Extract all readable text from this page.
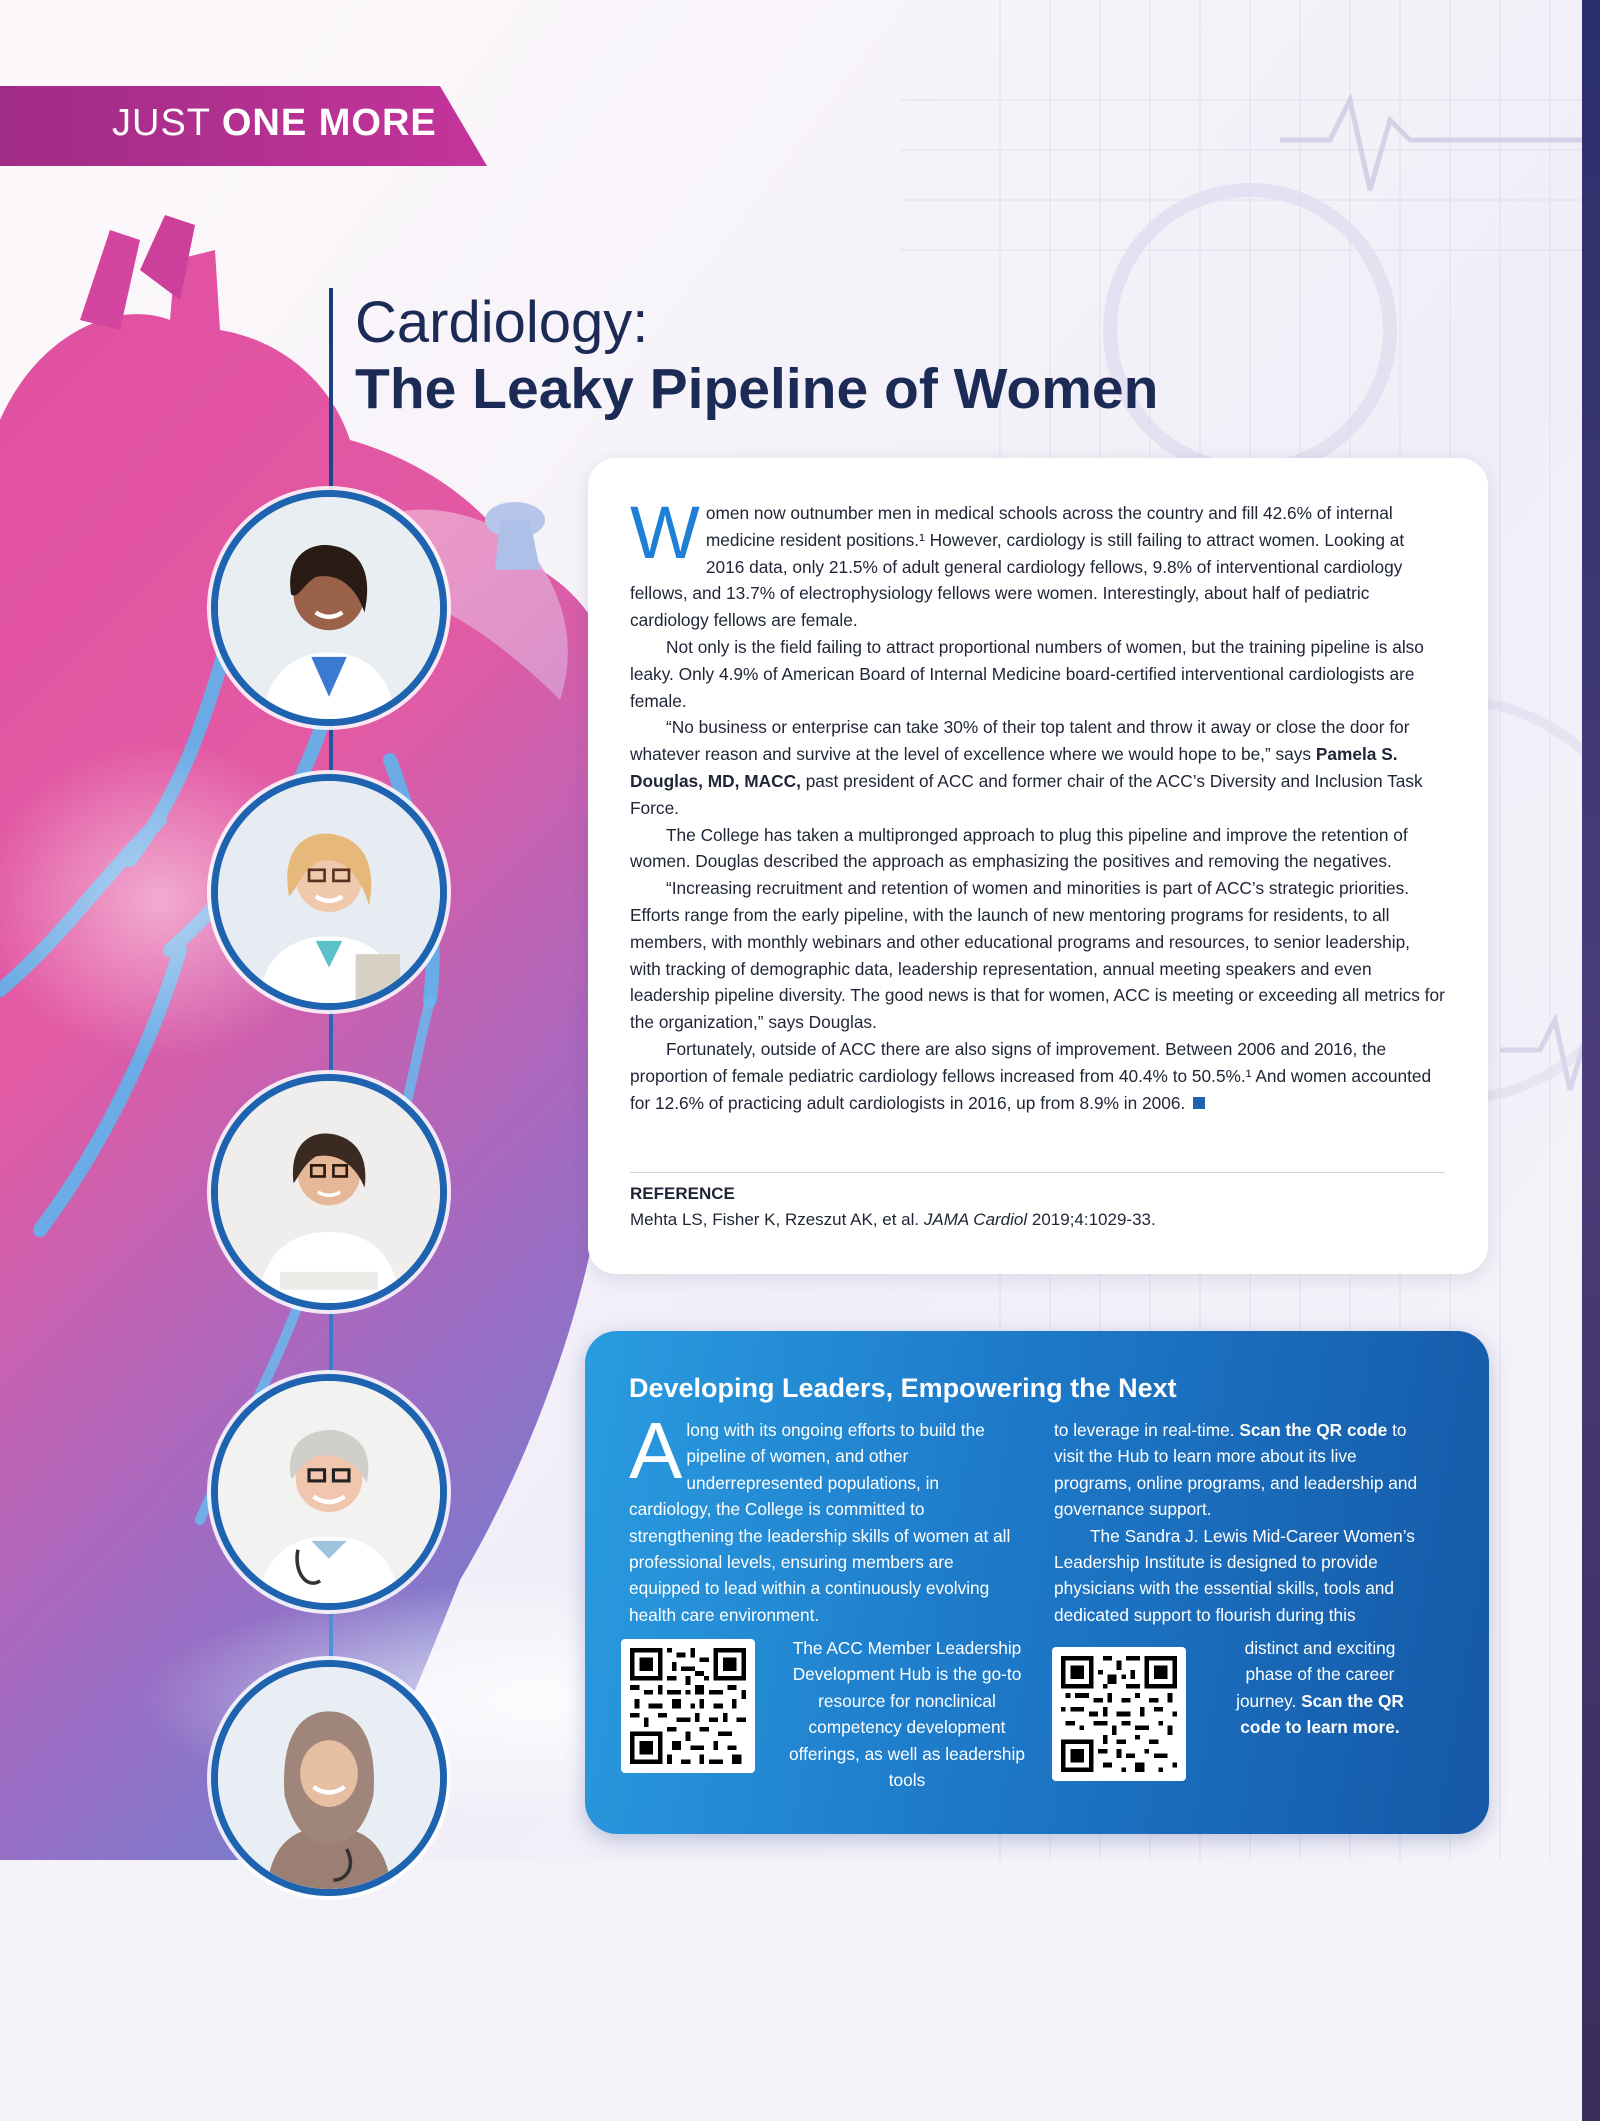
JUST ONE MORE
Cardiology:
The Leaky Pipeline of Women

Women now outnumber men in medical schools across the country and fill 42.6% of internal medicine resident positions.¹ However, cardiology is still failing to attract women. Looking at 2016 data, only 21.5% of adult general cardiology fellows, 9.8% of interventional cardiology fellows, and 13.7% of electrophysiology fellows were women. Interestingly, about half of pediatric cardiology fellows are female.

Not only is the field failing to attract proportional numbers of women, but the training pipeline is also leaky. Only 4.9% of American Board of Internal Medicine board-certified interventional cardiologists are female.

“No business or enterprise can take 30% of their top talent and throw it away or close the door for whatever reason and survive at the level of excellence where we would hope to be,” says Pamela S. Douglas, MD, MACC, past president of ACC and former chair of the ACC’s Diversity and Inclusion Task Force.

The College has taken a multipronged approach to plug this pipeline and improve the retention of women. Douglas described the approach as emphasizing the positives and removing the negatives.

“Increasing recruitment and retention of women and minorities is part of ACC’s strategic priorities. Efforts range from the early pipeline, with the launch of new mentoring programs for residents, to all members, with monthly webinars and other educational programs and resources, to senior leadership, with tracking of demographic data, leadership representation, annual meeting speakers and even leadership pipeline diversity. The good news is that for women, ACC is meeting or exceeding all metrics for the organization,” says Douglas.

Fortunately, outside of ACC there are also signs of improvement. Between 2006 and 2016, the proportion of female pediatric cardiology fellows increased from 40.4% to 50.5%.¹ And women accounted for 12.6% of practicing adult cardiologists in 2016, up from 8.9% in 2006.

REFERENCE
Mehta LS, Fisher K, Rzeszut AK, et al. JAMA Cardiol 2019;4:1029-33.
Developing Leaders, Empowering the Next

Along with its ongoing efforts to build the pipeline of women, and other underrepresented populations, in cardiology, the College is committed to strengthening the leadership skills of women at all professional levels, ensuring members are equipped to lead within a continuously evolving health care environment.

The ACC Member Leadership Development Hub is the go-to resource for nonclinical competency development offerings, as well as leadership tools

to leverage in real-time. Scan the QR code to visit the Hub to learn more about its live programs, online programs, and leadership and governance support.

The Sandra J. Lewis Mid-Career Women’s Leadership Institute is designed to provide physicians with the essential skills, tools and dedicated support to flourish during this

distinct and exciting phase of the career journey. Scan the QR code to learn more.
